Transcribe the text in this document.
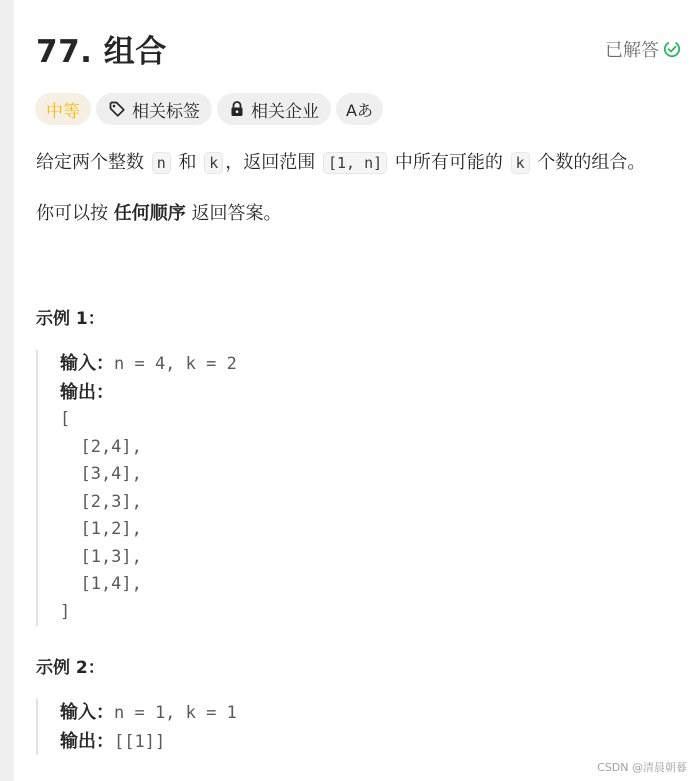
77. 组合	已解答
中等	相关标签	相关企业 Aあ
给定两个整数 n 和 k ，返回范围 [1, n] 中所有可能的 k 个数的组合。
你可以按 任何顺序 返回答案。
示例 1：
输入：n = 4, k = 2
输出：
[
[2,4],
[3,4],
[2,3],
[1,2],
[1,3],
[1,4],
]
示例 2：
输入：n = 1, k = 1
输出：[[1]]
CSDN @清晨朝暮
